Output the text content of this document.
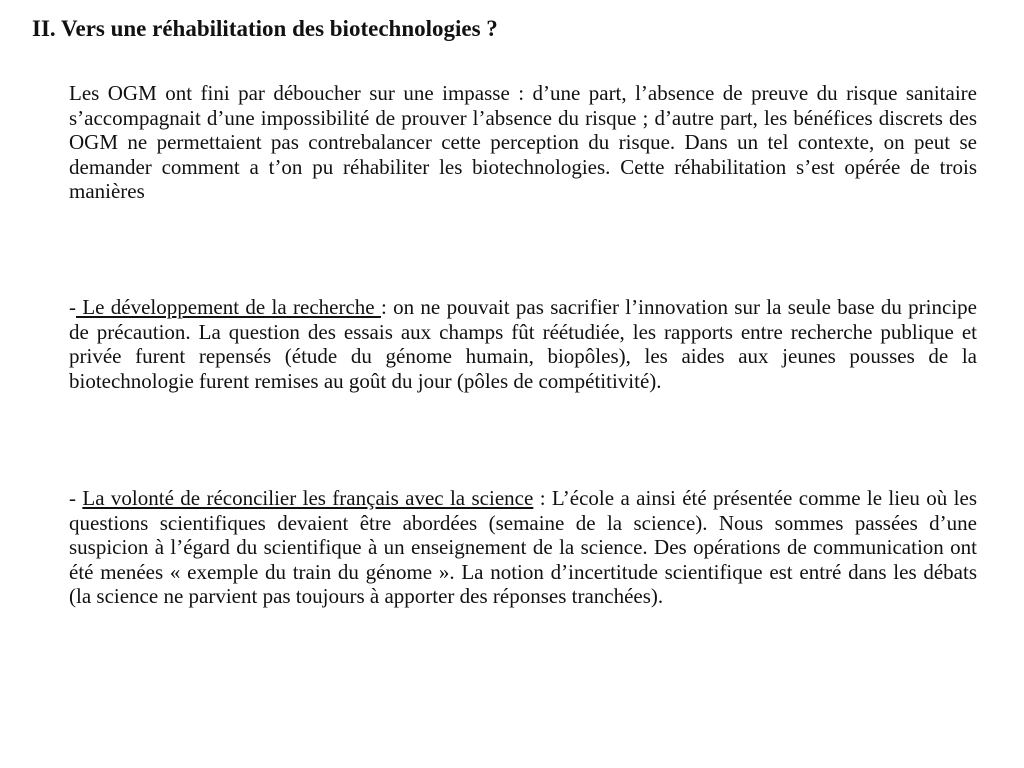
II. Vers une réhabilitation des biotechnologies ?

Les OGM ont fini par déboucher sur une impasse : d’une part, l’absence de preuve du risque sanitaire s’accompagnait d’une impossibilité de prouver l’absence du risque ; d’autre part, les bénéfices discrets des OGM ne permettaient pas contrebalancer cette perception du risque. Dans un tel contexte, on peut se demander comment a t’on pu réhabiliter les biotechnologies. Cette réhabilitation s’est opérée de trois manières

- Le développement de la recherche : on ne pouvait pas sacrifier l’innovation sur la seule base du principe de précaution. La question des essais aux champs fût réétudiée, les rapports entre recherche publique et privée furent repensés (étude du génome humain, biopôles), les aides aux jeunes pousses de la biotechnologie furent remises au goût du jour (pôles de compétitivité).

- La volonté de réconcilier les français avec la science : L’école a ainsi été présentée comme le lieu où les questions scientifiques devaient être abordées (semaine de la science). Nous sommes passées d’une suspicion à l’égard du scientifique à un enseignement de la science. Des opérations de communication ont été menées « exemple du train du génome ». La notion d’incertitude scientifique est entré dans les débats (la science ne parvient pas toujours à apporter des réponses tranchées).
